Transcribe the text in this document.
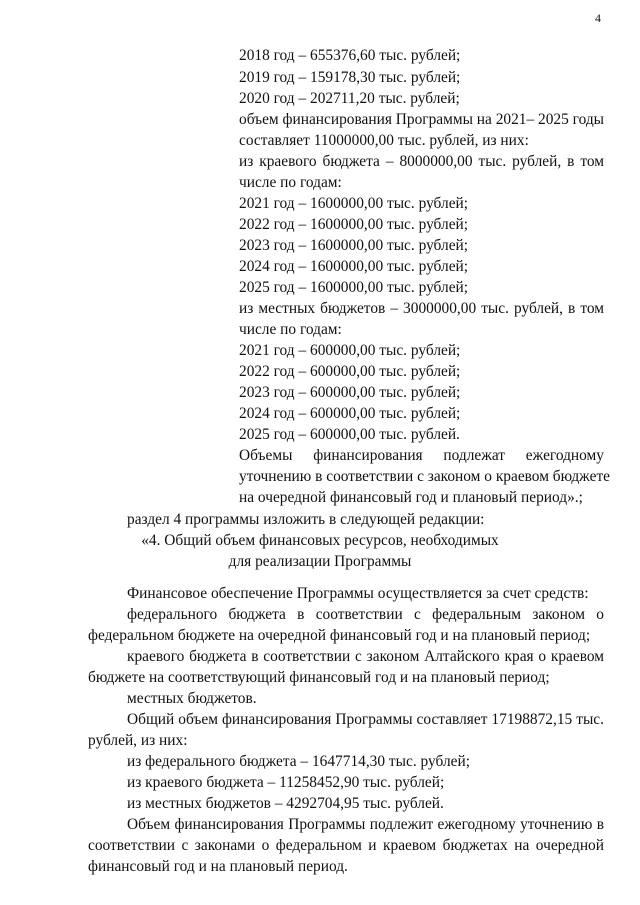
4

2018 год – 655376,60 тыс. рублей;

2019 год – 159178,30 тыс. рублей;

2020 год – 202711,20 тыс. рублей;

объем финансирования Программы на 2021– 2025 годы

составляет 11000000,00 тыс. рублей, из них:

из краевого бюджета – 8000000,00 тыс. рублей, в том

числе по годам:

2021 год – 1600000,00 тыс. рублей;

2022 год – 1600000,00 тыс. рублей;

2023 год – 1600000,00 тыс. рублей;

2024 год – 1600000,00 тыс. рублей;

2025 год – 1600000,00 тыс. рублей;

из местных бюджетов – 3000000,00 тыс. рублей, в том

числе по годам:

2021 год – 600000,00 тыс. рублей;

2022 год – 600000,00 тыс. рублей;

2023 год – 600000,00 тыс. рублей;

2024 год – 600000,00 тыс. рублей;

2025 год – 600000,00 тыс. рублей.

Объемы финансирования подлежат ежегодному

уточнению в соответствии с законом о краевом бюджете

на очередной финансовый год и плановый период».;

раздел 4 программы изложить в следующей редакции:

«4. Общий объем финансовых ресурсов, необходимых

для реализации Программы

Финансовое обеспечение Программы осуществляется за счет средств:

федерального бюджета в соответствии с федеральным законом о

федеральном бюджете на очередной финансовый год и на плановый период;

краевого бюджета в соответствии с законом Алтайского края о краевом

бюджете на соответствующий финансовый год и на плановый период;

местных бюджетов.

Общий объем финансирования Программы составляет 17198872,15 тыс.

рублей, из них:

из федерального бюджета – 1647714,30 тыс. рублей;

из краевого бюджета – 11258452,90 тыс. рублей;

из местных бюджетов – 4292704,95 тыс. рублей.

Объем финансирования Программы подлежит ежегодному уточнению в

соответствии с законами о федеральном и краевом бюджетах на очередной

финансовый год и на плановый период.
